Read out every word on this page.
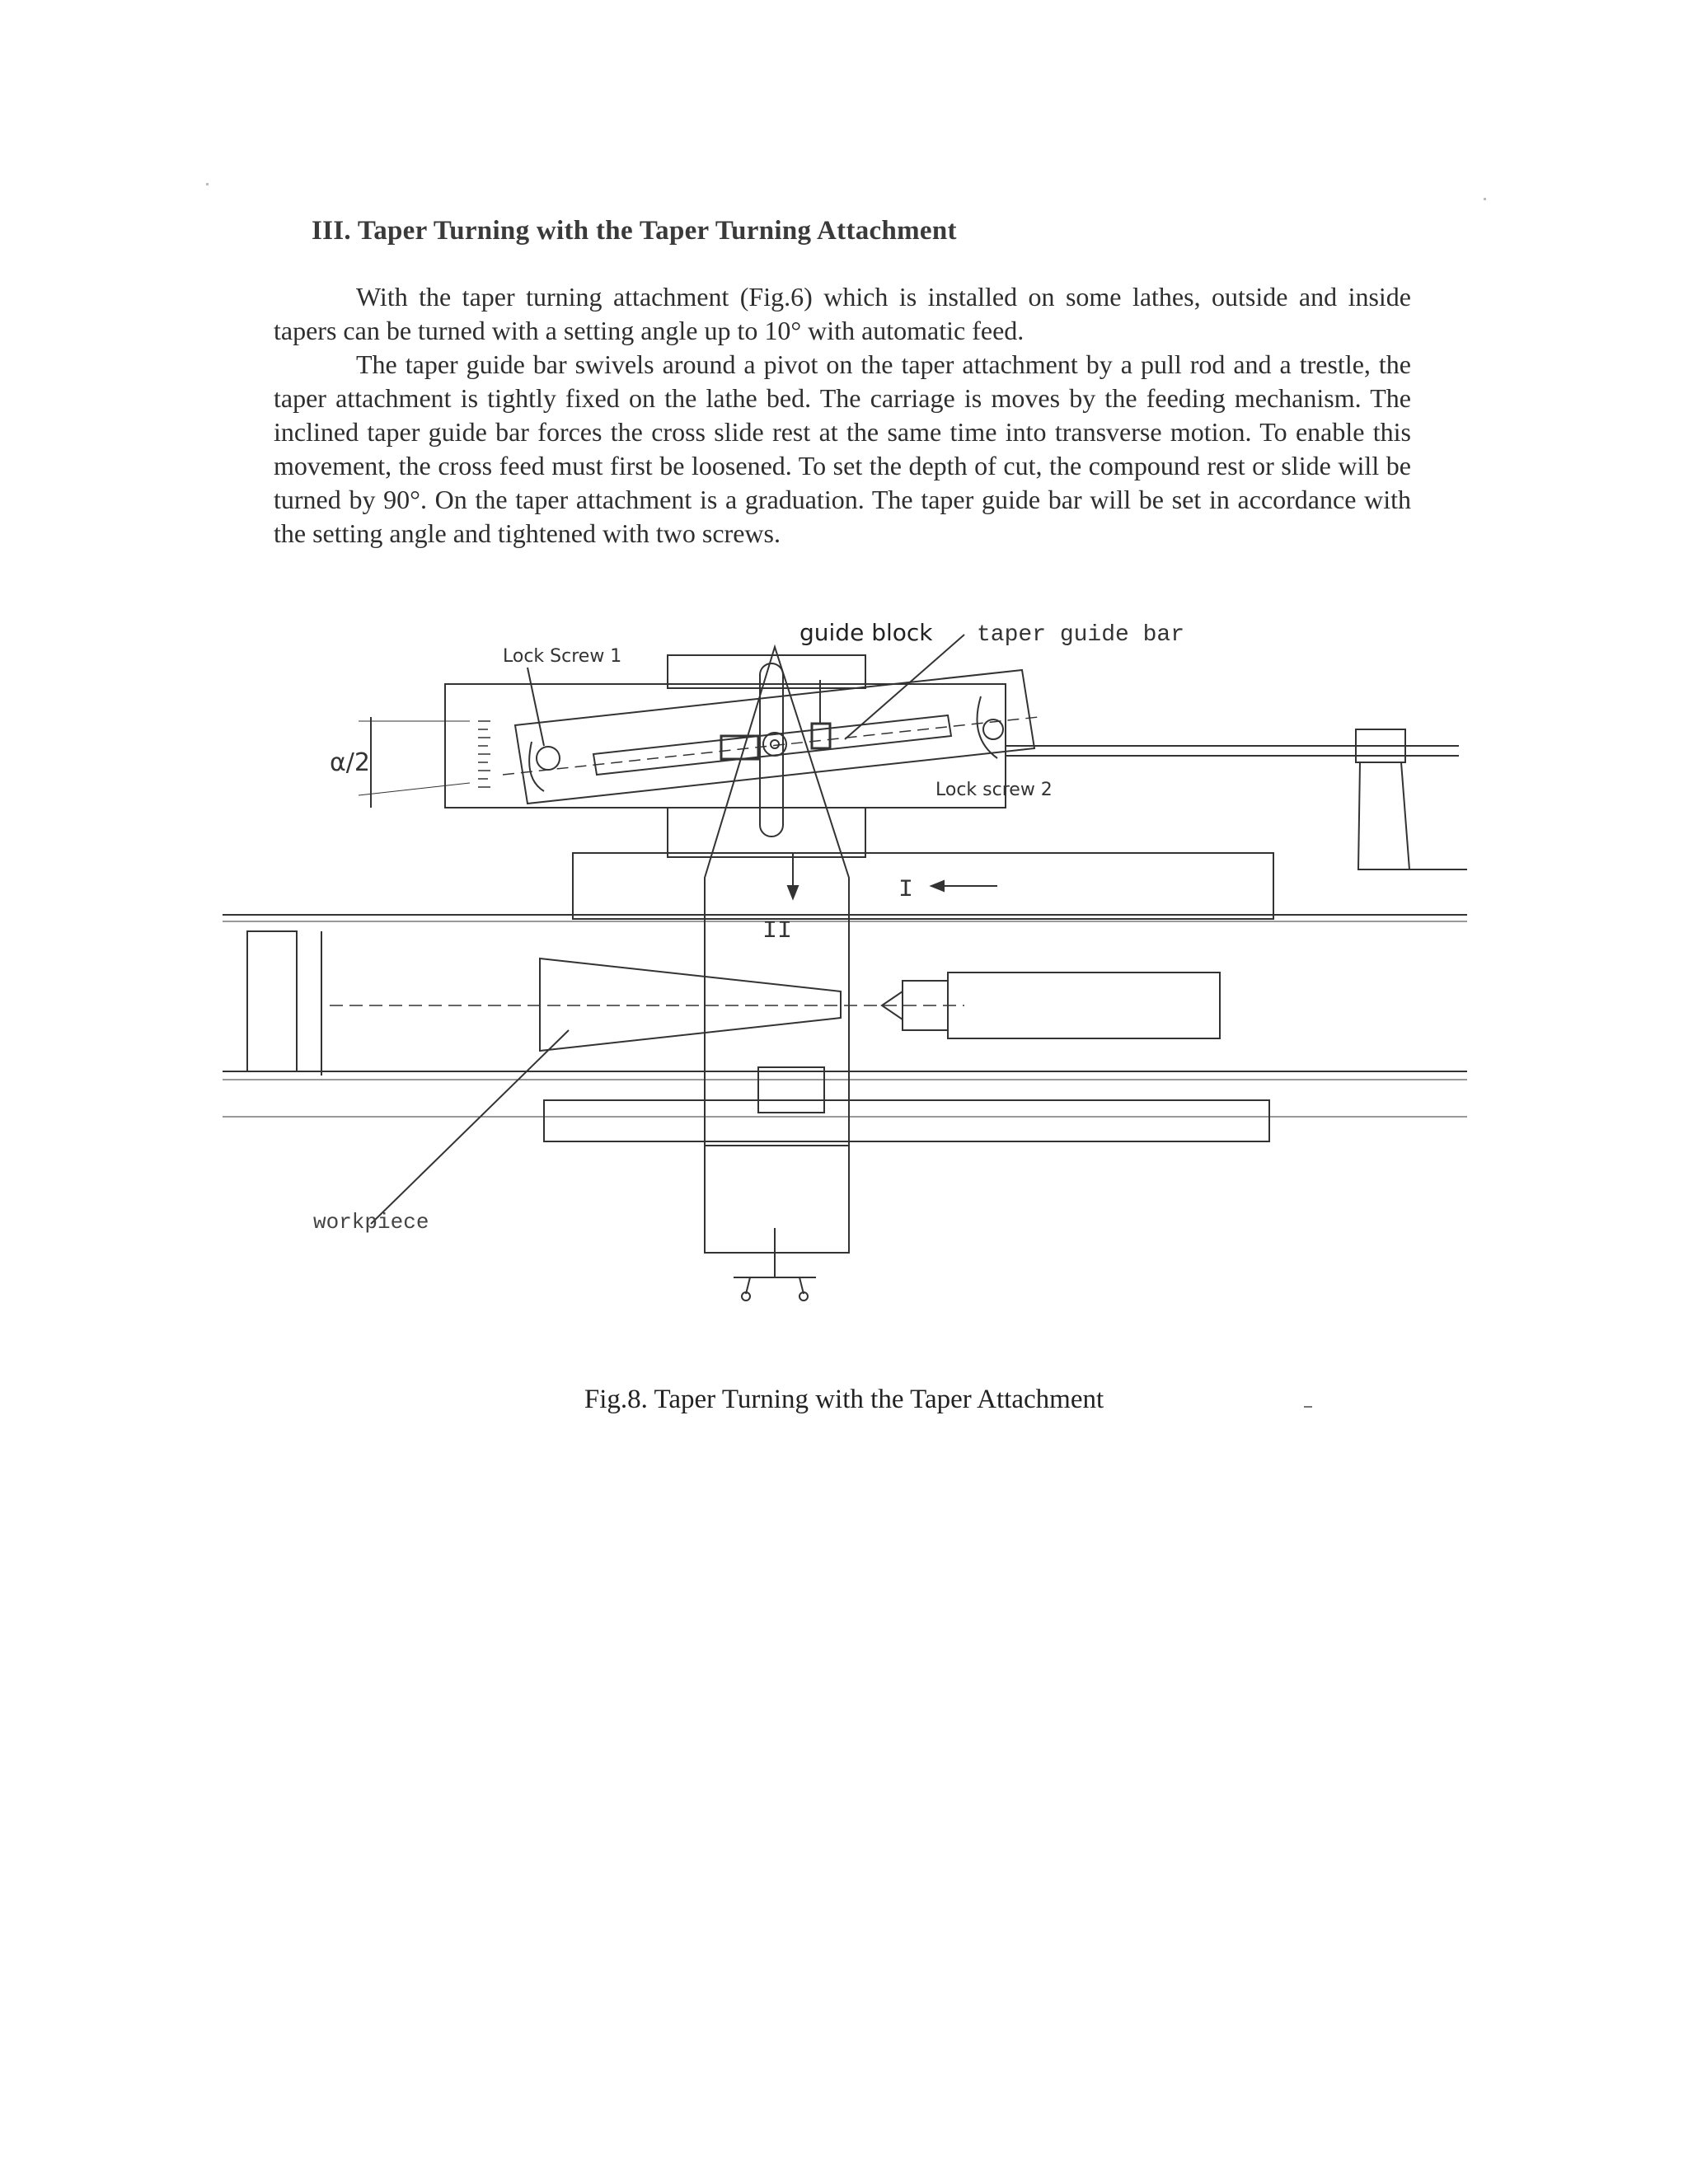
III. Taper Turning with the Taper Turning Attachment

With the taper turning attachment (Fig.6) which is installed on some lathes, outside and inside tapers can be turned with a setting angle up to 10° with automatic feed.

The taper guide bar swivels around a pivot on the taper attachment by a pull rod and a trestle, the taper attachment is tightly fixed on the lathe bed. The carriage is moves by the feeding mechanism. The inclined taper guide bar forces the cross slide rest at the same time into transverse motion. To enable this movement, the cross feed must first be loosened. To set the depth of cut, the compound rest or slide will be turned by 90°. On the taper attachment is a graduation. The taper guide bar will be set in accordance with the setting angle and tightened with two screws.

guide block taper guide bar
Lock Screw 1
Lock screw 2
α/2
I
II
workpiece
Fig.8. Taper Turning with the Taper Attachment
